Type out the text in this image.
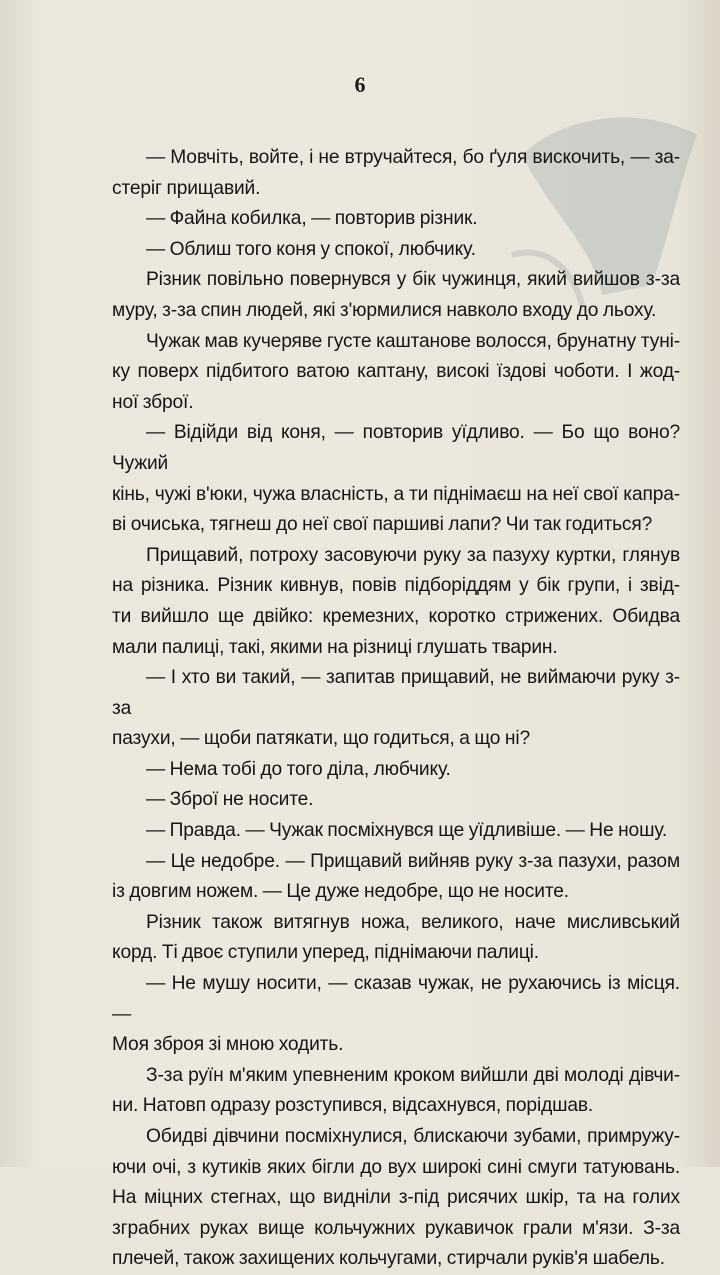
6

— Мовчіть, войте, і не втручайтеся, бо ґуля вискочить, — за-
стеріг прищавий.

— Файна кобилка, — повторив різник.

— Облиш того коня у спокої, любчику.

Різник повільно повернувся у бік чужинця, який вийшов з-за
муру, з-за спин людей, які з'юрмилися навколо входу до льоху.

Чужак мав кучеряве густе каштанове волосся, брунатну туні-
ку поверх підбитого ватою каптану, високі їздові чоботи. І жод-
ної зброї.

— Відійди від коня, — повторив уїдливо. — Бо що воно? Чужий
кінь, чужі в'юки, чужа власність, а ти піднімаєш на неї свої капра-
ві очиська, тягнеш до неї свої паршиві лапи? Чи так годиться?

Прищавий, потроху засовуючи руку за пазуху куртки, глянув
на різника. Різник кивнув, повів підборіддям у бік групи, і звід-
ти вийшло ще двійко: кремезних, коротко стрижених. Обидва
мали палиці, такі, якими на різниці глушать тварин.

— І хто ви такий, — запитав прищавий, не виймаючи руку з-за
пазухи, — щоби патякати, що годиться, а що ні?

— Нема тобі до того діла, любчику.

— Зброї не носите.

— Правда. — Чужак посміхнувся ще уїдливіше. — Не ношу.

— Це недобре. — Прищавий вийняв руку з-за пазухи, разом
із довгим ножем. — Це дуже недобре, що не носите.

Різник також витягнув ножа, великого, наче мисливський
корд. Ті двоє ступили уперед, піднімаючи палиці.

— Не мушу носити, — сказав чужак, не рухаючись із місця. —
Моя зброя зі мною ходить.

З-за руїн м'яким упевненим кроком вийшли дві молоді дівчи-
ни. Натовп одразу розступився, відсахнувся, порідшав.

Обидві дівчини посміхнулися, блискаючи зубами, примружу-
ючи очі, з кутиків яких бігли до вух широкі сині смуги татуювань.
На міцних стегнах, що видніли з-під рисячих шкір, та на голих
зграбних руках вище кольчужних рукавичок грали м'язи. З-за
плечей, також захищених кольчугами, стирчали руків'я шабель.
